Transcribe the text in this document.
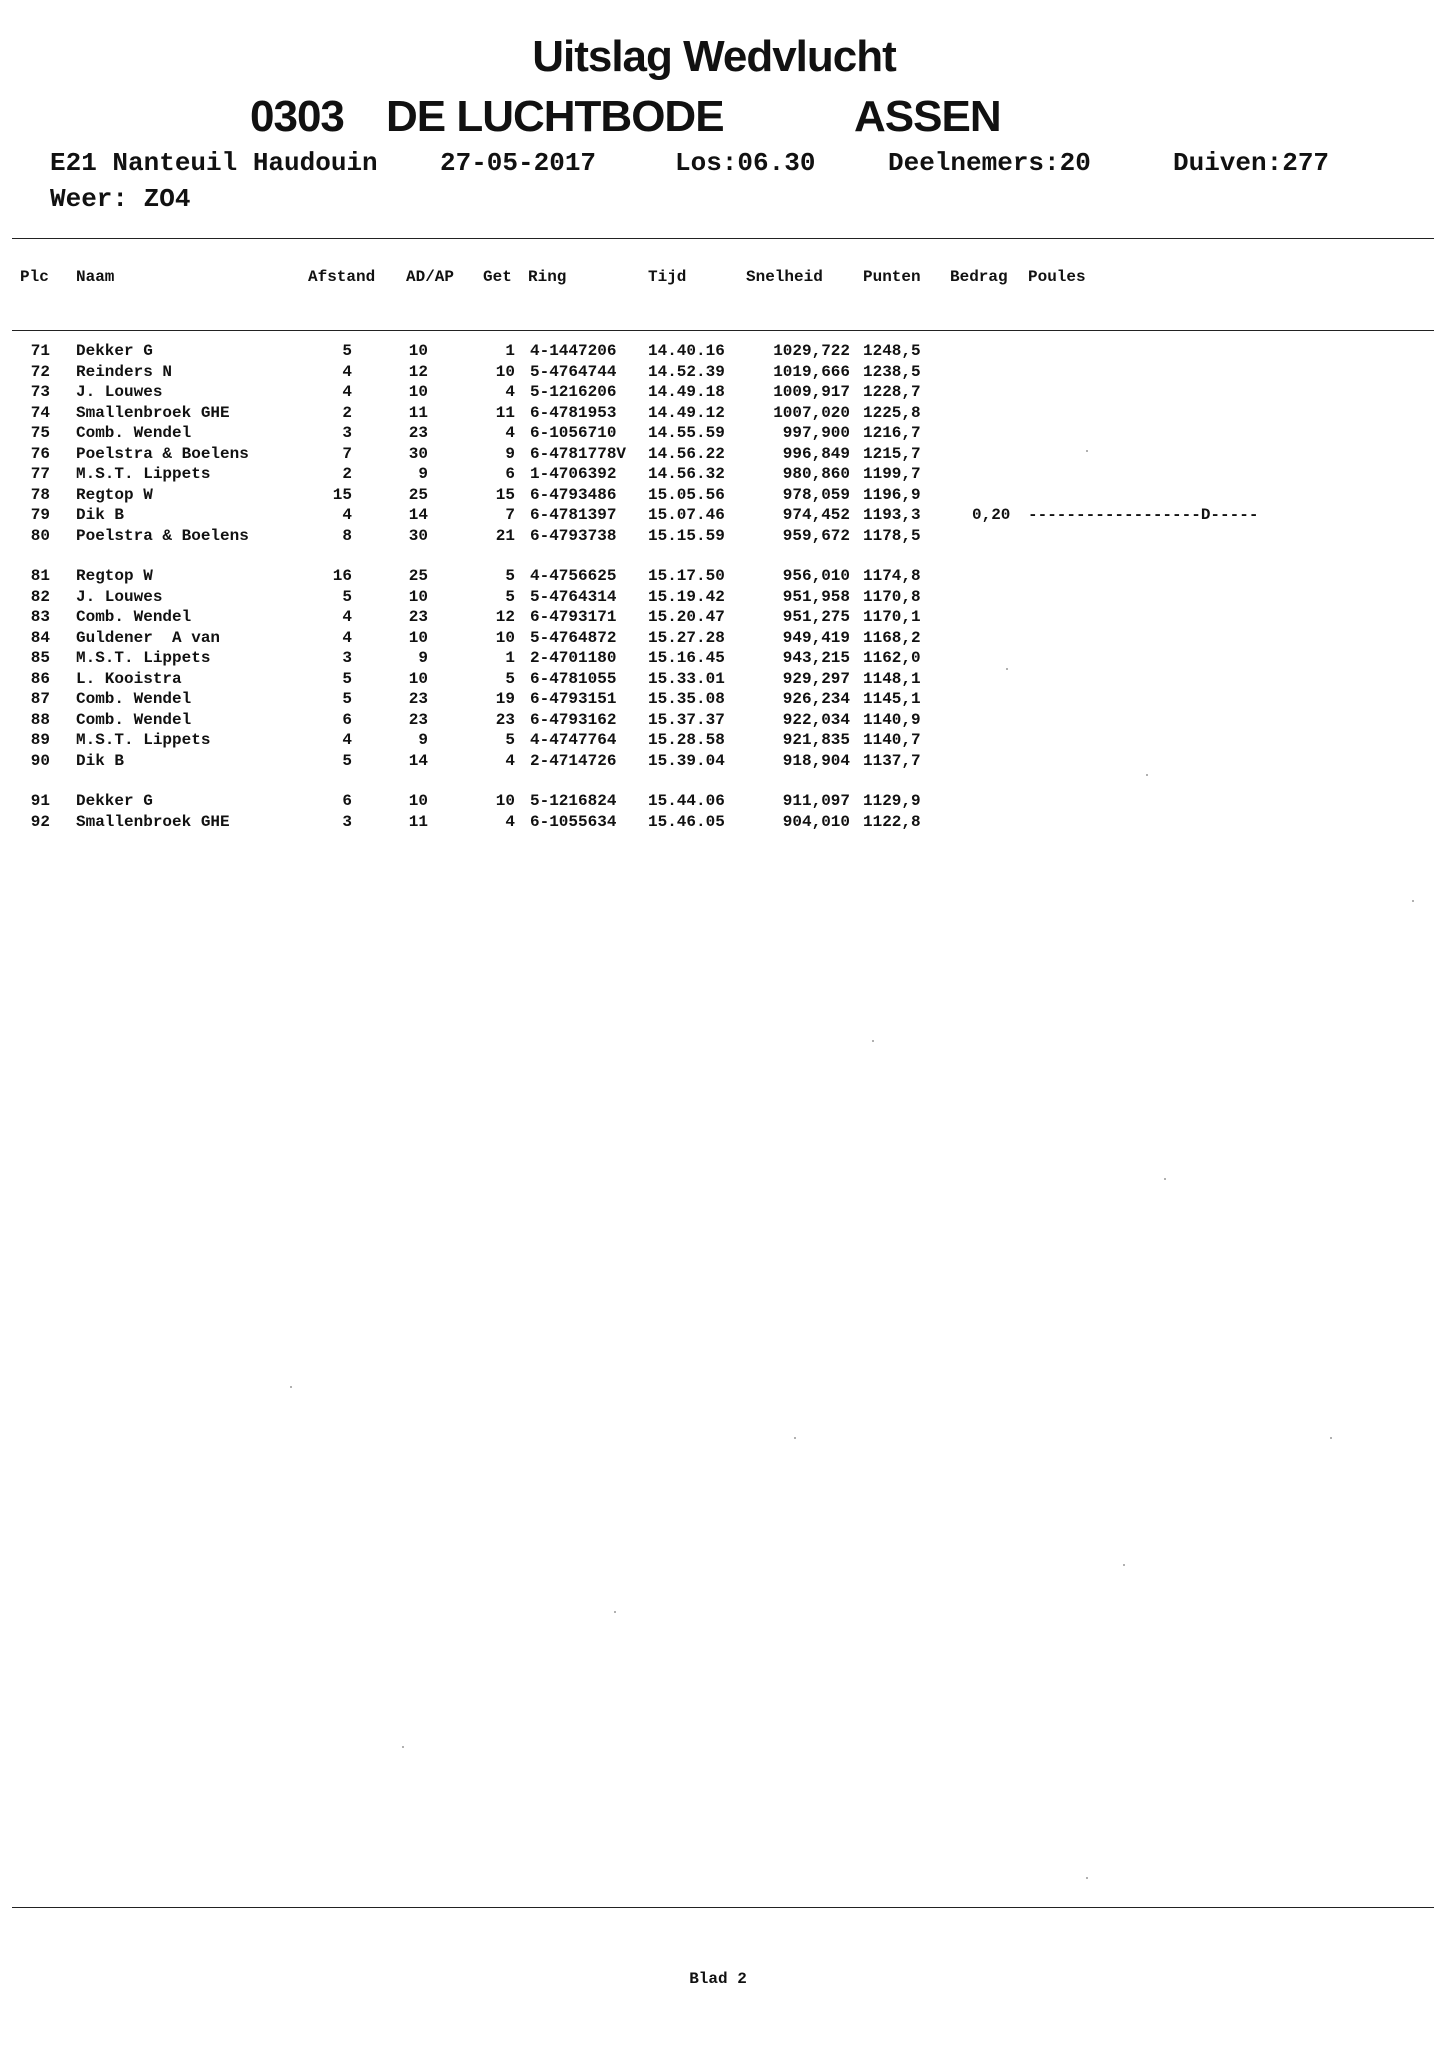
Uitslag Wedvlucht
0303 DE LUCHTBODE	ASSEN
E21 Nanteuil Haudouin 27-05-2017	Los:06.30	Deelnemers:20	Duiven:277
Weer: ZO4
Plc Naam	Afstand AD/AP Get Ring	Tijd	Snelheid	Punten Bedrag Poules
71 Dekker G	5	10	1 4-1447206 14.40.16	1029,722 1248,5
72 Reinders N	4	12	10 5-4764744 14.52.39	1019,666 1238,5
73 J. Louwes	4	10	4 5-1216206 14.49.18	1009,917 1228,7
74 Smallenbroek GHE	2	11	11 6-4781953 14.49.12	1007,020 1225,8
75 Comb. Wendel	3	23	4 6-1056710 14.55.59	997,900 1216,7
76 Poelstra & Boelens	7	30	9 6-4781778V 14.56.22	996,849 1215,7
77 M.S.T. Lippets	2	9	6 1-4706392 14.56.32	980,860 1199,7
78 Regtop W	15	25	15 6-4793486 15.05.56	978,059 1196,9
79 Dik B	4	14	7 6-4781397 15.07.46	974,452 1193,3	0,20 ------------------D-----
80 Poelstra & Boelens	8	30	21 6-4793738 15.15.59	959,672 1178,5
81 Regtop W	16	25	5 4-4756625 15.17.50	956,010 1174,8
82 J. Louwes	5	10	5 5-4764314 15.19.42	951,958 1170,8
83 Comb. Wendel	4	23	12 6-4793171 15.20.47	951,275 1170,1
84 Guldener  A van	4	10	10 5-4764872 15.27.28	949,419 1168,2
85 M.S.T. Lippets	3	9	1 2-4701180 15.16.45	943,215 1162,0
86 L. Kooistra	5	10	5 6-4781055 15.33.01	929,297 1148,1
87 Comb. Wendel	5	23	19 6-4793151 15.35.08	926,234 1145,1
88 Comb. Wendel	6	23	23 6-4793162 15.37.37	922,034 1140,9
89 M.S.T. Lippets	4	9	5 4-4747764 15.28.58	921,835 1140,7
90 Dik B	5	14	4 2-4714726 15.39.04	918,904 1137,7
91 Dekker G	6	10	10 5-1216824 15.44.06	911,097 1129,9
92 Smallenbroek GHE	3	11	4 6-1055634 15.46.05	904,010 1122,8
Blad 2
